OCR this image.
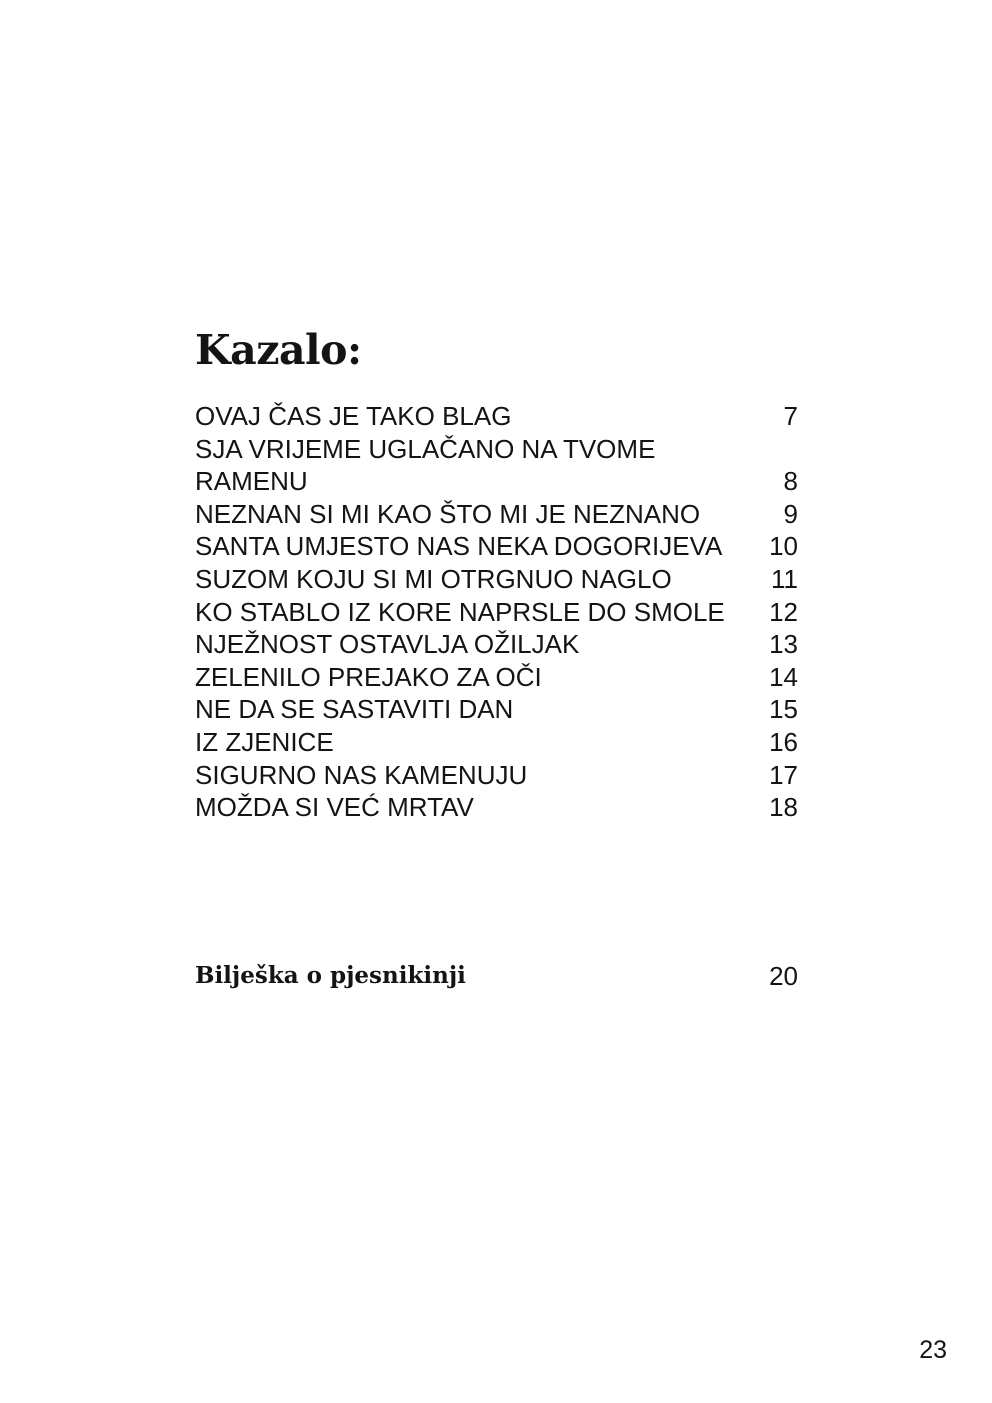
Kazalo:
OVAJ ČAS JE TAKO BLAG	7
SJA VRIJEME UGLAČANO NA TVOME RAMENU	8
NEZNAN SI MI KAO ŠTO MI JE NEZNANO	9
SANTA UMJESTO NAS NEKA DOGORIJEVA 10
SUZOM KOJU SI MI OTRGNUO NAGLO	11
KO STABLO IZ KORE NAPRSLE DO SMOLE 12
NJEŽNOST OSTAVLJA OŽILJAK	13
ZELENILO PREJAKO ZA OČI	14
NE DA SE SASTAVITI DAN	15
IZ ZJENICE	16
SIGURNO NAS KAMENUJU	17
MOŽDA SI VEĆ MRTAV	18
Bilješka o pjesnikinji	20
23
